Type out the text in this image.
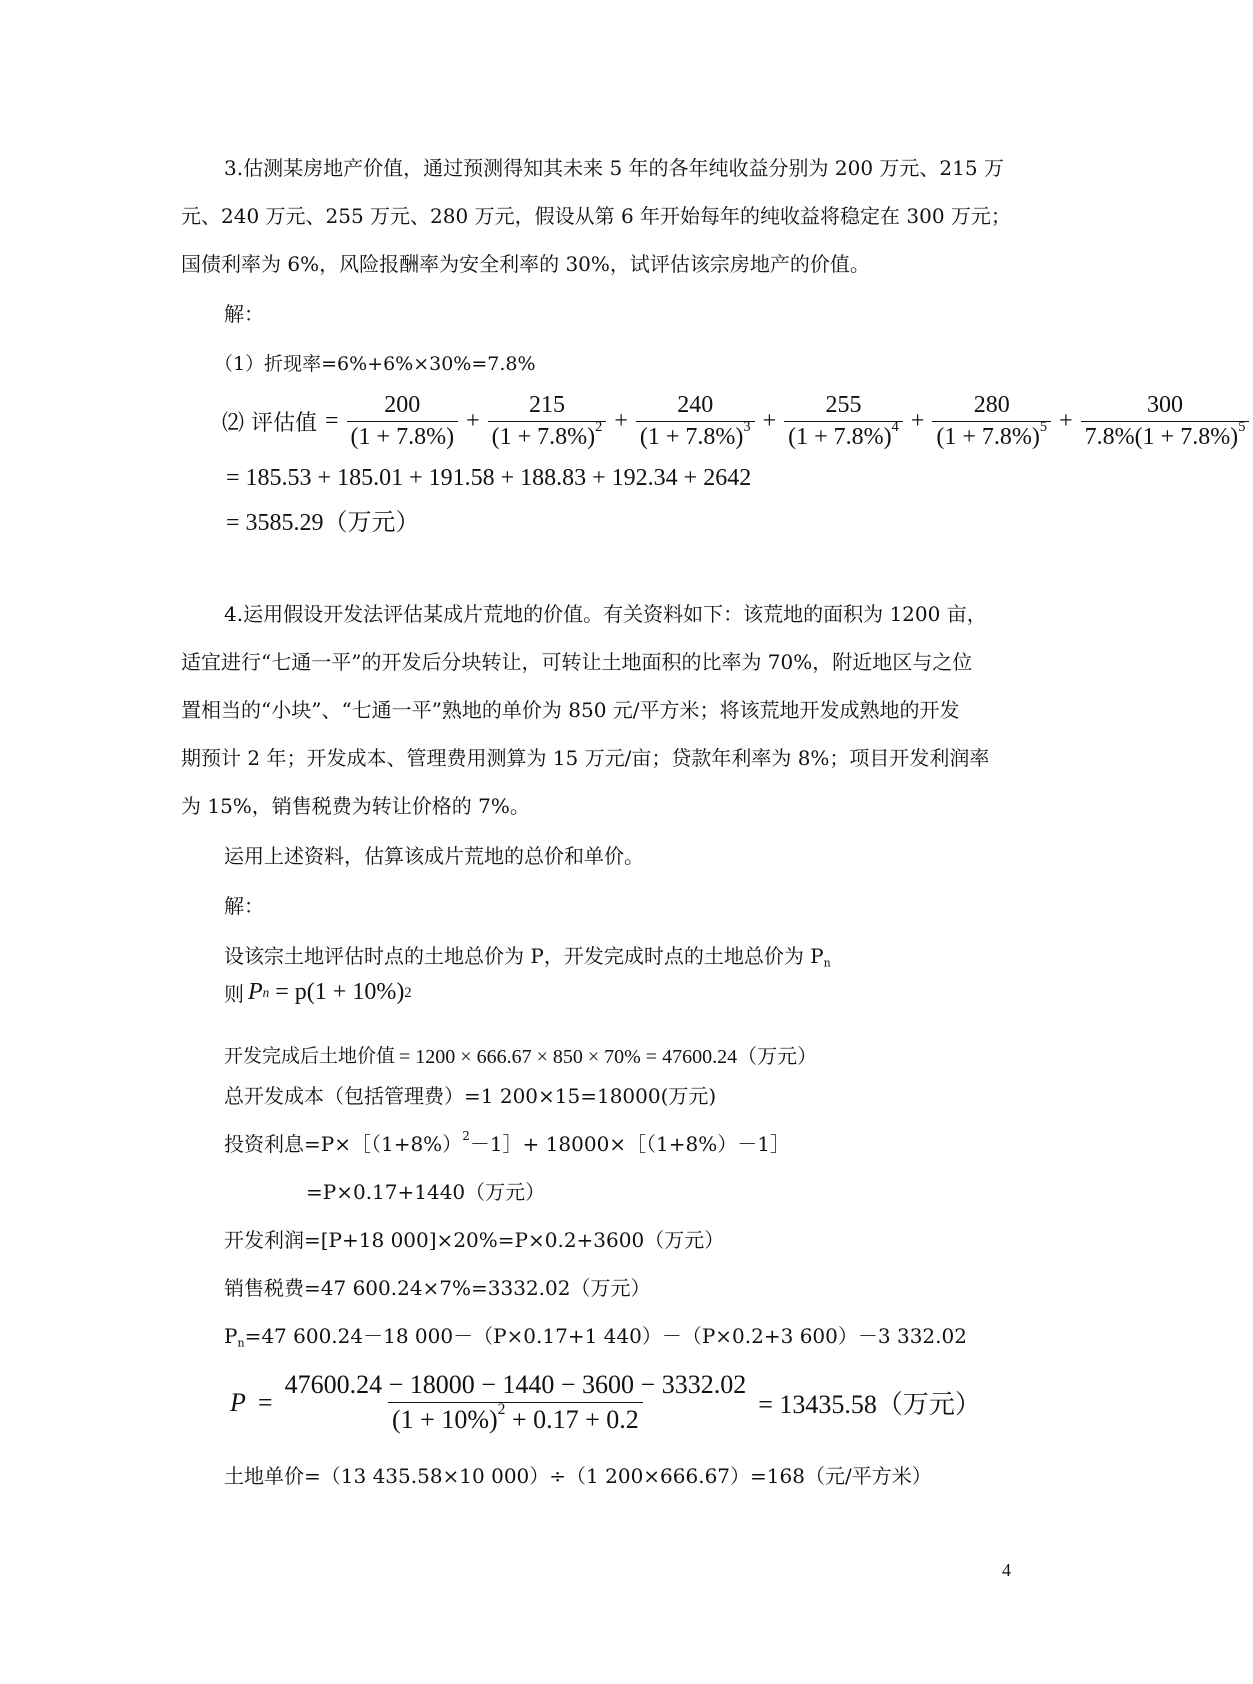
3.估测某房地产价值，通过预测得知其未来 5 年的各年纯收益分别为 200 万元、215 万
元、240 万元、255 万元、280 万元，假设从第 6 年开始每年的纯收益将稳定在 300 万元；
国债利率为 6%，风险报酬率为安全利率的 30%，试评估该宗房地产的价值。
解：
（1）折现率=6%+6%×30%=7.8%
⑵ 评估值 = $\frac{200}{(1 + 7.8\%)} + \frac{215}{(1 + 7.8\%)^2} + \frac{240}{(1 + 7.8\%)^3} + \frac{255}{(1 + 7.8\%)^4} + \frac{280}{(1 + 7.8\%)^5} + \frac{300}{7.8\%(1 + 7.8\%)^5}$
= 185.53 + 185.01 + 191.58 + 188.83 + 192.34 + 2642
= 3585.29（万元）
4.运用假设开发法评估某成片荒地的价值。有关资料如下：该荒地的面积为 1200 亩，
适宜进行“七通一平”的开发后分块转让，可转让土地面积的比率为 70%，附近地区与之位
置相当的“小块”、“七通一平”熟地的单价为 850 元/平方米；将该荒地开发成熟地的开发
期预计 2 年；开发成本、管理费用测算为 15 万元/亩；贷款年利率为 8%；项目开发利润率
为 15%，销售税费为转让价格的 7%。
运用上述资料，估算该成片荒地的总价和单价。
解：
设该宗土地评估时点的土地总价为 P，开发完成时点的土地总价为 $P_n$
则 P n = p(1 + 10%) 2
开发完成后土地价值 = 1200 × 666.67 × 850 × 70% = 47600.24（万元）
总开发成本（包括管理费）=1 200×15=18000(万元)
投资利息$=P\times[(1+8\%)^2-1]+$ 18000×［（1+8%）－1］
=P×0.17+1440（万元）
开发利润=[P+18 000]×20%=P×0.2+3600（万元）
销售税费=47 600.24×7%=3332.02（万元）
$P_n=47$ 600.24－18 000－（P×0.17+1 440）－（P×0.2+3 600）－3 332.02
$P = \frac{47600.24 - 18000 - 1440 - 3600 - 3332.02}{(1 + 10\%)^2 + 0.17 + 0.2} = 13435.58$（万元）
土地单价=（13 435.58×10 000）÷（1 200×666.67）=168（元/平方米）
4
